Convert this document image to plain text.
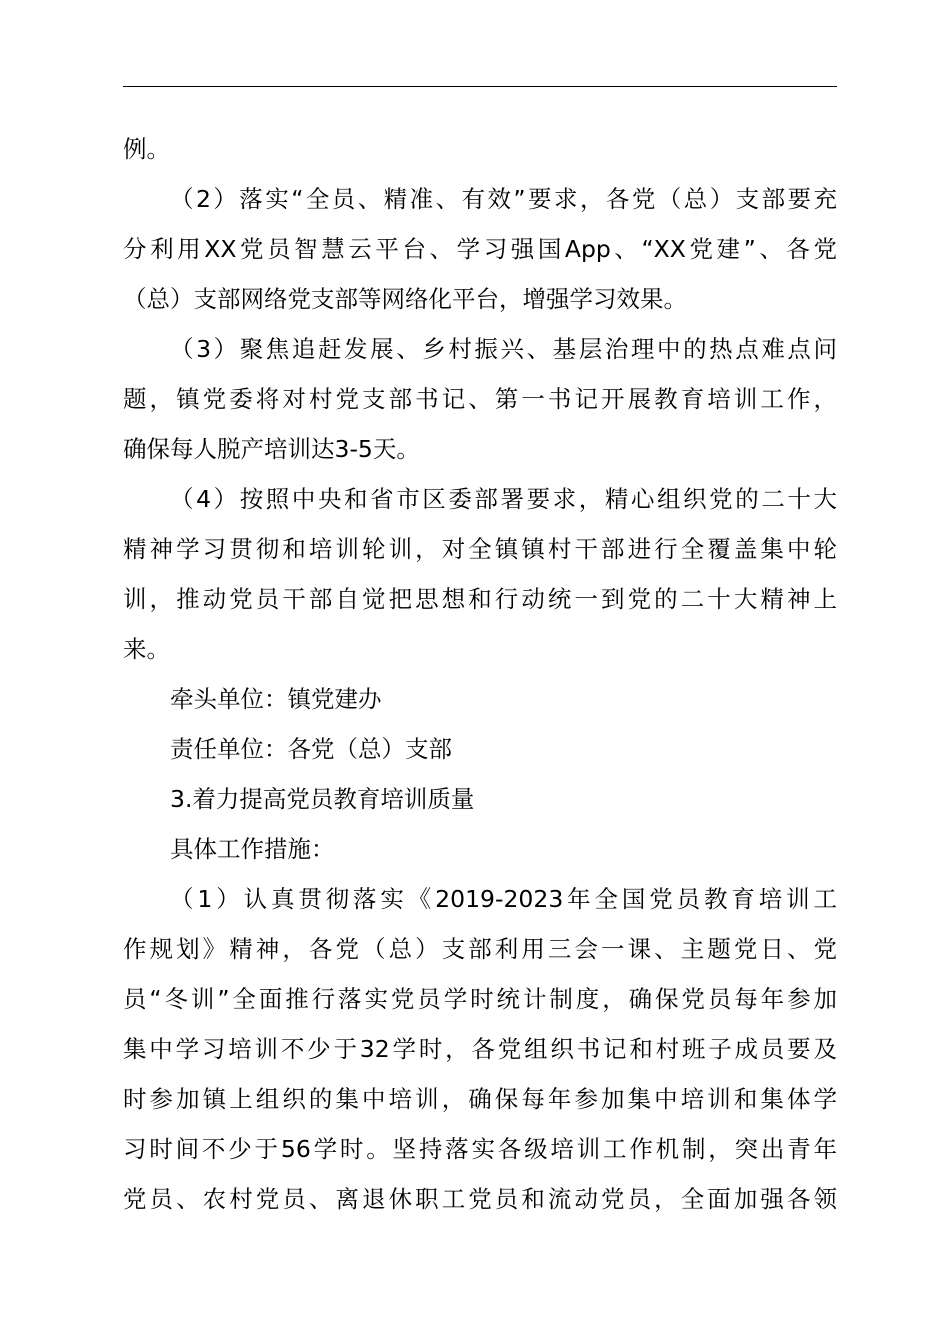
例。
（2）落实“全员、精准、有效”要求，各党（总）支部要充
分利用XX党员智慧云平台、学习强国App、“XX党建”、各党
（总）支部网络党支部等网络化平台，增强学习效果。
（3）聚焦追赶发展、乡村振兴、基层治理中的热点难点问
题，镇党委将对村党支部书记、第一书记开展教育培训工作，
确保每人脱产培训达3-5天。
（4）按照中央和省市区委部署要求，精心组织党的二十大
精神学习贯彻和培训轮训，对全镇镇村干部进行全覆盖集中轮
训，推动党员干部自觉把思想和行动统一到党的二十大精神上
来。
牵头单位：镇党建办
责任单位：各党（总）支部
3.着力提高党员教育培训质量
具体工作措施：
（1）认真贯彻落实《2019-2023年全国党员教育培训工
作规划》精神，各党（总）支部利用三会一课、主题党日、党
员“冬训”全面推行落实党员学时统计制度，确保党员每年参加
集中学习培训不少于32学时，各党组织书记和村班子成员要及
时参加镇上组织的集中培训，确保每年参加集中培训和集体学
习时间不少于56学时。坚持落实各级培训工作机制，突出青年
党员、农村党员、离退休职工党员和流动党员，全面加强各领
